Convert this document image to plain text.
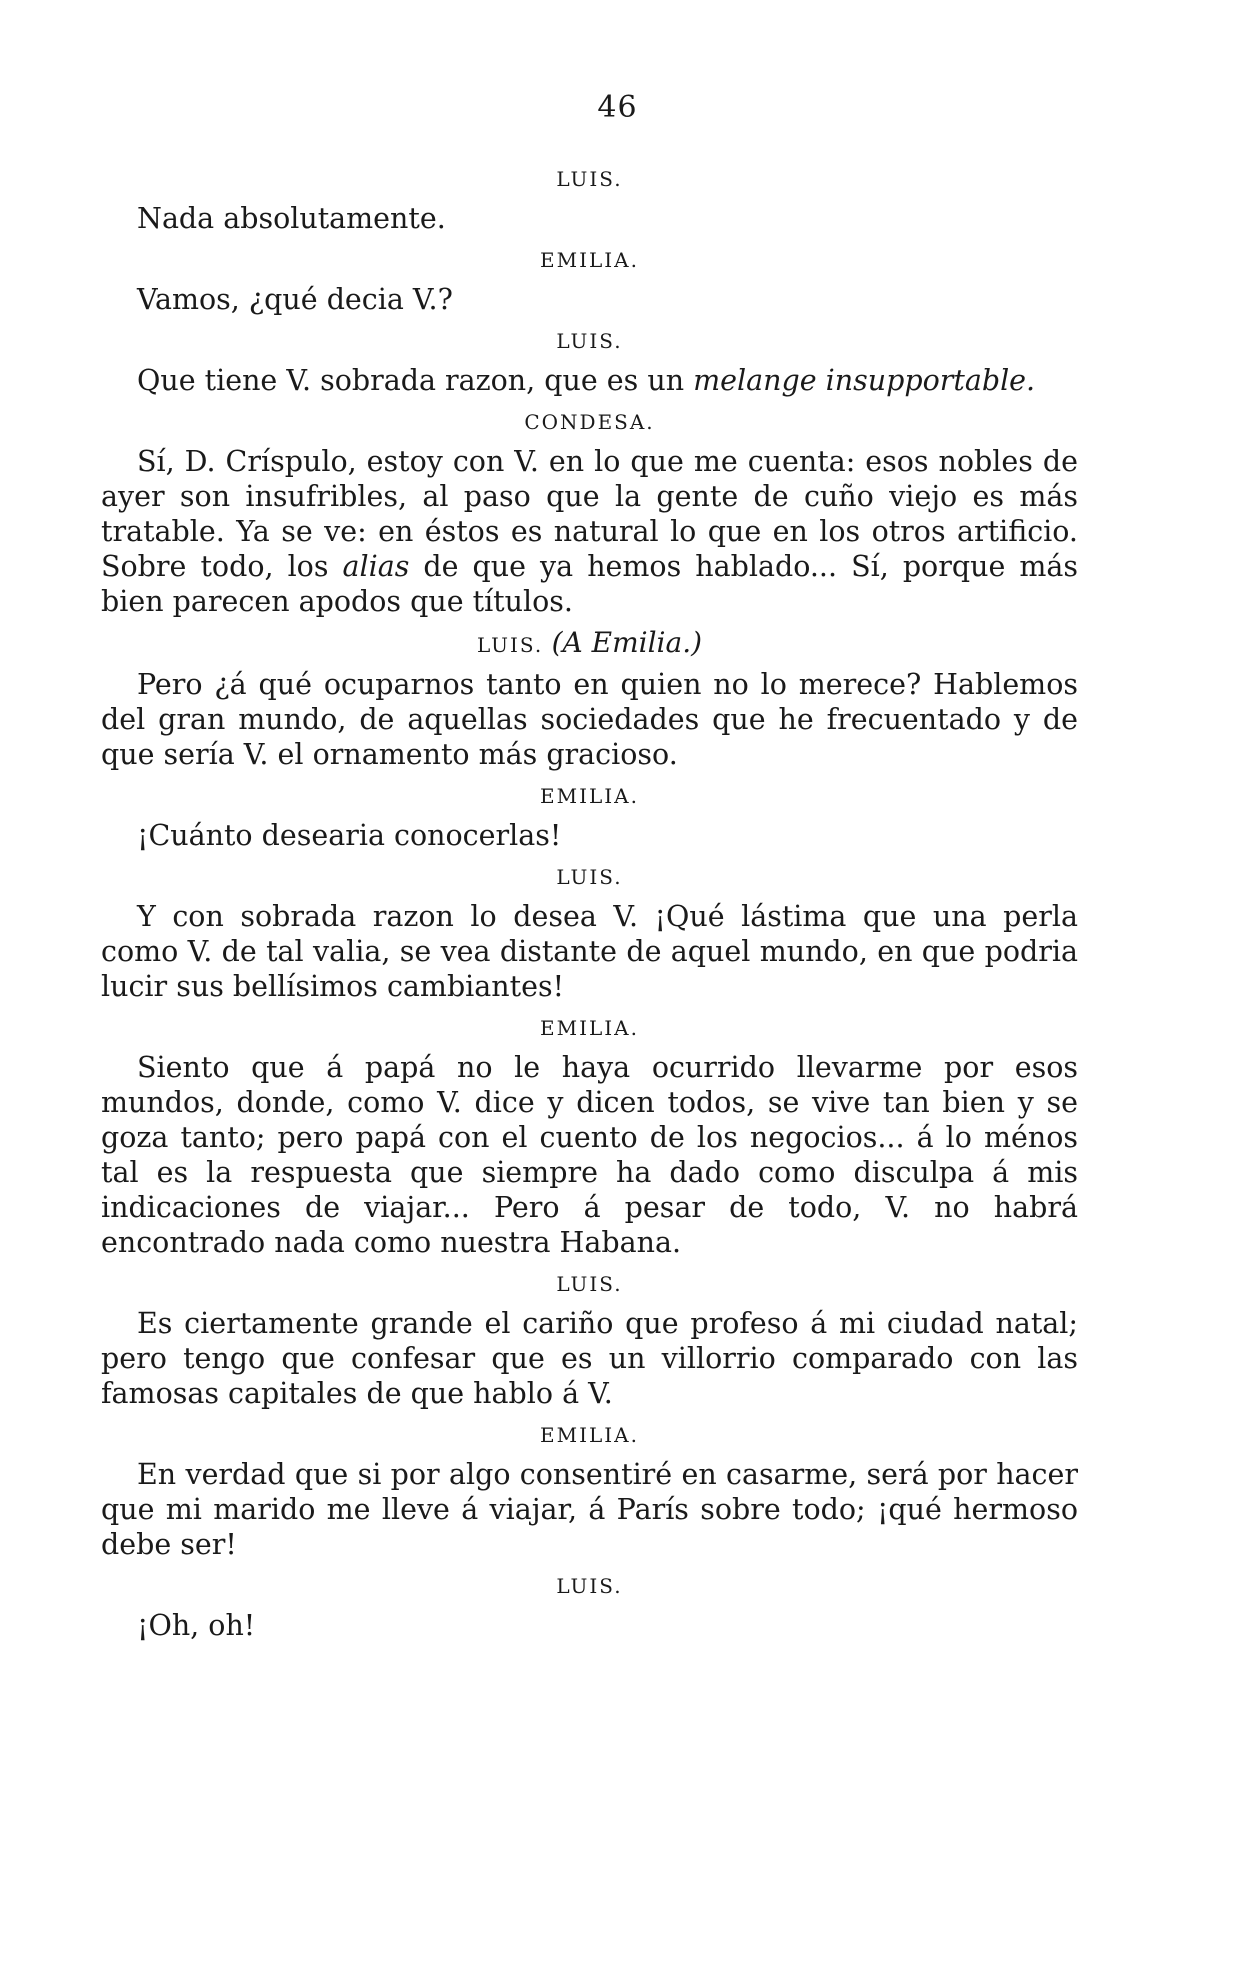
46
LUIS.

Nada absolutamente.

EMILIA.

Vamos, ¿qué decia V.?

LUIS.

Que tiene V. sobrada razon, que es un melange insupportable.

CONDESA.

Sí, D. Críspulo, estoy con V. en lo que me cuenta: esos nobles de ayer son insufribles, al paso que la gente de cuño viejo es más tratable. Ya se ve: en éstos es natural lo que en los otros artificio. Sobre todo, los alias de que ya hemos hablado... Sí, porque más bien parecen apodos que títulos.

LUIS. (A Emilia.)

Pero ¿á qué ocuparnos tanto en quien no lo merece? Hablemos del gran mundo, de aquellas sociedades que he frecuentado y de que sería V. el ornamento más gracioso.

EMILIA.

¡Cuánto desearia conocerlas!

LUIS.

Y con sobrada razon lo desea V. ¡Qué lástima que una perla como V. de tal valia, se vea distante de aquel mundo, en que podria lucir sus bellísimos cambiantes!

EMILIA.

Siento que á papá no le haya ocurrido llevarme por esos mundos, donde, como V. dice y dicen todos, se vive tan bien y se goza tanto; pero papá con el cuento de los negocios... á lo ménos tal es la respuesta que siempre ha dado como disculpa á mis indicaciones de viajar... Pero á pesar de todo, V. no habrá encontrado nada como nuestra Habana.

LUIS.

Es ciertamente grande el cariño que profeso á mi ciudad natal; pero tengo que confesar que es un villorrio comparado con las famosas capitales de que hablo á V.

EMILIA.

En verdad que si por algo consentiré en casarme, será por hacer que mi marido me lleve á viajar, á París sobre todo; ¡qué hermoso debe ser!

LUIS.

¡Oh, oh!
